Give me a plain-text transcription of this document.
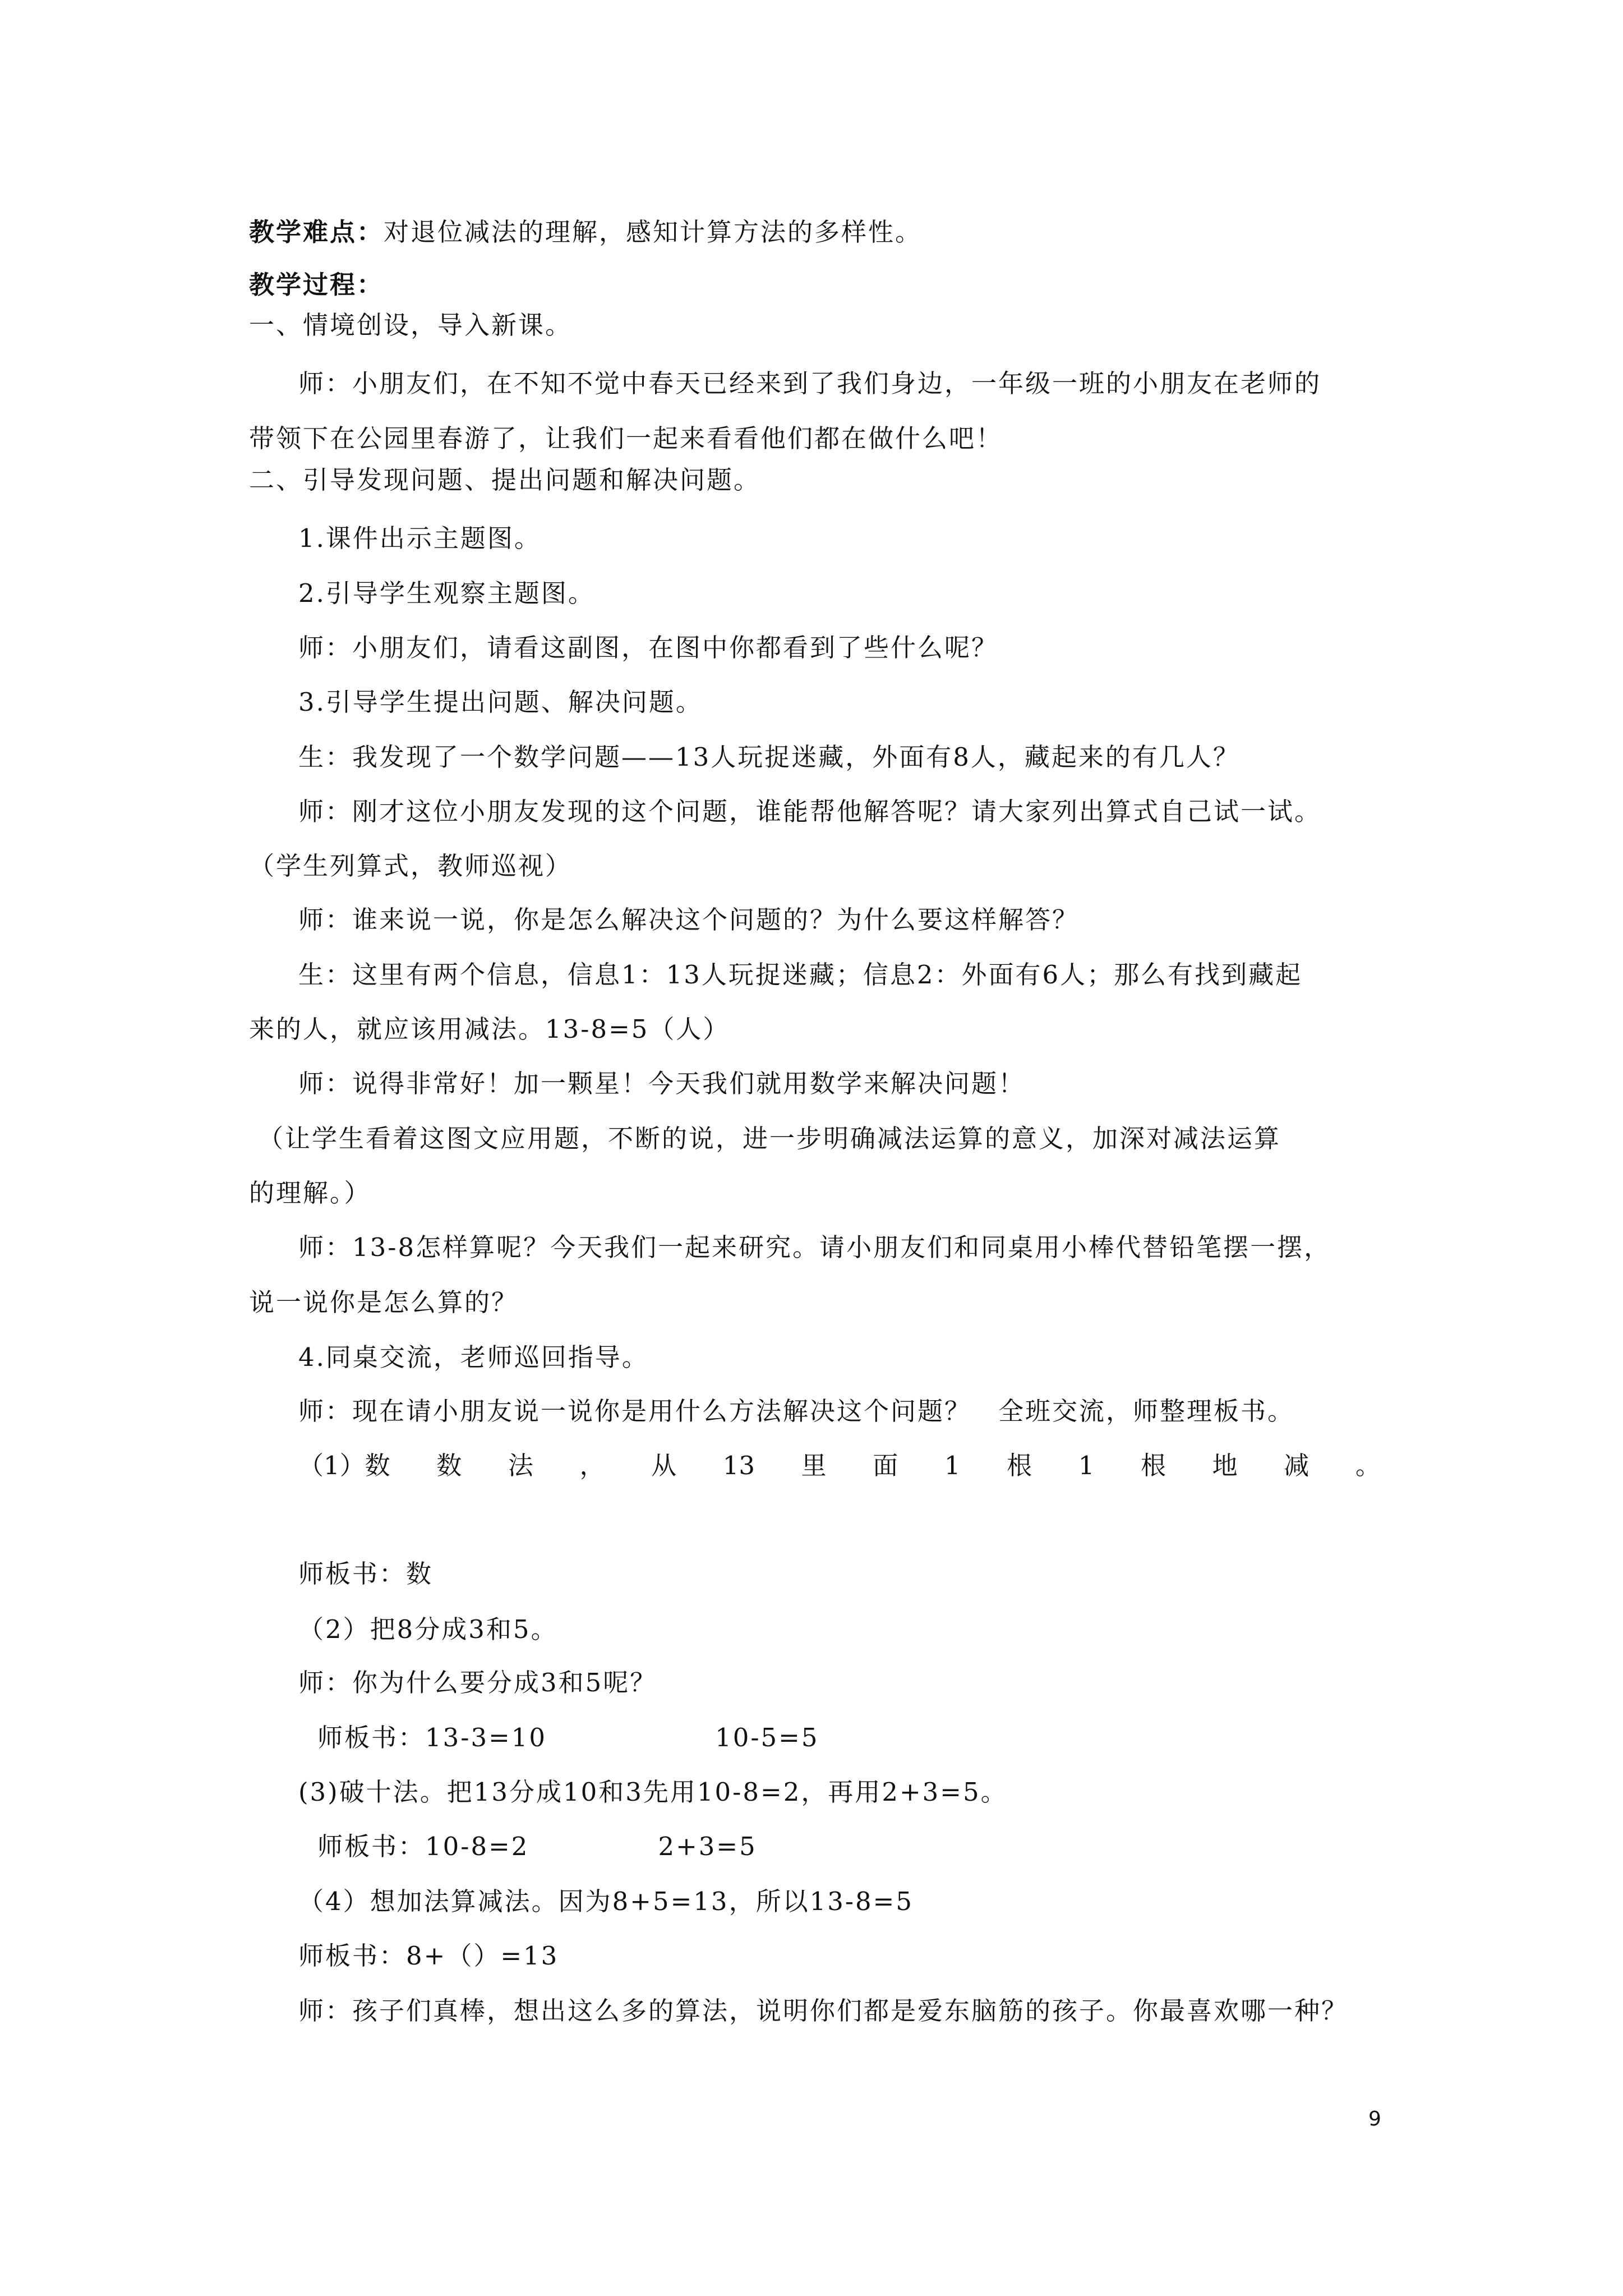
教学难点：对退位减法的理解，感知计算方法的多样性。
教学过程：
一、情境创设，导入新课。
师：小朋友们，在不知不觉中春天已经来到了我们身边，一年级一班的小朋友在老师的
带领下在公园里春游了，让我们一起来看看他们都在做什么吧！
二、引导发现问题、提出问题和解决问题。
1.课件出示主题图。
2.引导学生观察主题图。
师：小朋友们，请看这副图，在图中你都看到了些什么呢？
3.引导学生提出问题、解决问题。
生：我发现了一个数学问题——13人玩捉迷藏，外面有8人，藏起来的有几人？
师：刚才这位小朋友发现的这个问题，谁能帮他解答呢？请大家列出算式自己试一试。
（学生列算式，教师巡视）
师：谁来说一说，你是怎么解决这个问题的？为什么要这样解答？
生：这里有两个信息，信息1：13人玩捉迷藏；信息2：外面有6人；那么有找到藏起
来的人，就应该用减法。13-8=5（人）
师：说得非常好！加一颗星！今天我们就用数学来解决问题！
（让学生看着这图文应用题，不断的说，进一步明确减法运算的意义，加深对减法运算
的理解。）
师：13-8怎样算呢？今天我们一起来研究。请小朋友们和同桌用小棒代替铅笔摆一摆，
说一说你是怎么算的？
4.同桌交流，老师巡回指导。
师：现在请小朋友说一说你是用什么方法解决这个问题？　全班交流，师整理板书。
（1）数 数 法 ， 从 13 里 面 1 根 1 根 地 减 。
师板书：数
（2）把8分成3和5。
师：你为什么要分成3和5呢？
师板书：13-3=10	10-5=5
(3)破十法。把13分成10和3先用10-8=2，再用2+3=5。
师板书：10-8=2	2+3=5
（4）想加法算减法。因为8+5=13，所以13-8=5
师板书：8+（）=13
师：孩子们真棒，想出这么多的算法，说明你们都是爱东脑筋的孩子。你最喜欢哪一种？
9
